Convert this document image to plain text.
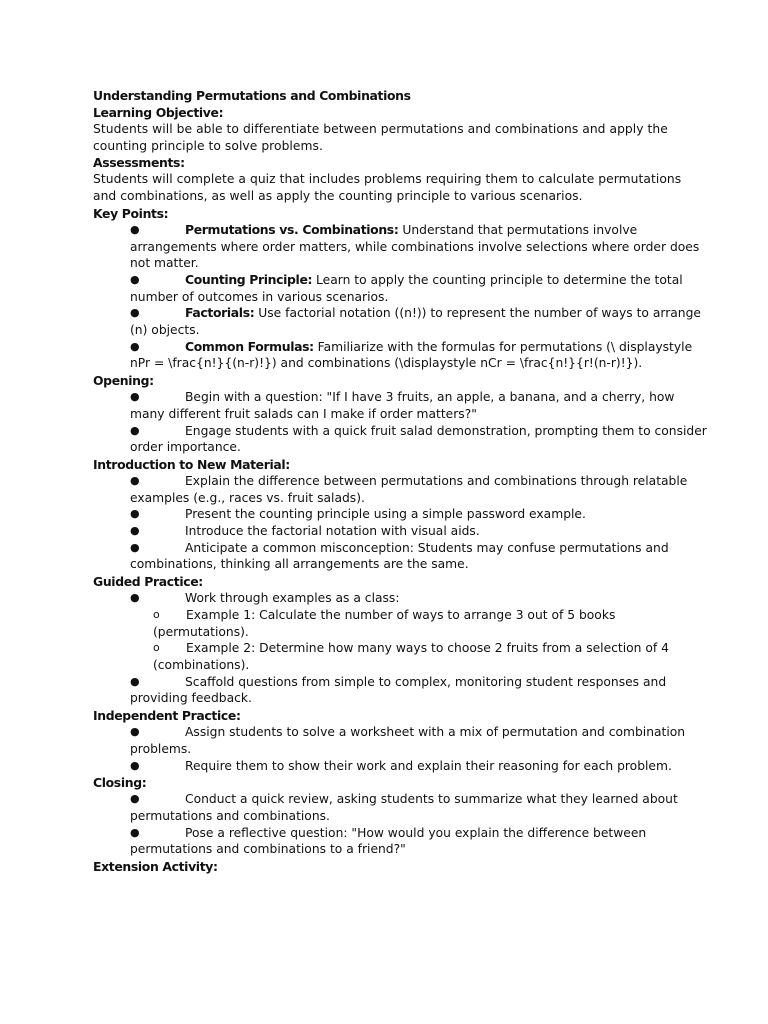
Understanding Permutations and Combinations
Learning Objective:
Students will be able to differentiate between permutations and combinations and apply the counting principle to solve problems.
Assessments:
Students will complete a quiz that includes problems requiring them to calculate permutations and combinations, as well as apply the counting principle to various scenarios.
Key Points:
●	Permutations vs. Combinations: Understand that permutations involve arrangements where order matters, while combinations involve selections where order does not matter.
●	Counting Principle: Learn to apply the counting principle to determine the total number of outcomes in various scenarios.
●	Factorials: Use factorial notation ((n!)) to represent the number of ways to arrange (n) objects.
●	Common Formulas: Familiarize with the formulas for permutations (\ displaystyle nPr = \frac{n!}{(n-r)!}) and combinations (\displaystyle nCr = \frac{n!}{r!(n-r)!}).
Opening:
●	Begin with a question: "If I have 3 fruits, an apple, a banana, and a cherry, how many different fruit salads can I make if order matters?"
●	Engage students with a quick fruit salad demonstration, prompting them to consider order importance.
Introduction to New Material:
●	Explain the difference between permutations and combinations through relatable examples (e.g., races vs. fruit salads).
●	Present the counting principle using a simple password example.
●	Introduce the factorial notation with visual aids.
●	Anticipate a common misconception: Students may confuse permutations and combinations, thinking all arrangements are the same.
Guided Practice:
●	Work through examples as a class:
o Example 1: Calculate the number of ways to arrange 3 out of 5 books (permutations).
o Example 2: Determine how many ways to choose 2 fruits from a selection of 4 (combinations).
●	Scaffold questions from simple to complex, monitoring student responses and providing feedback.
Independent Practice:
●	Assign students to solve a worksheet with a mix of permutation and combination problems.
●	Require them to show their work and explain their reasoning for each problem.
Closing:
●	Conduct a quick review, asking students to summarize what they learned about permutations and combinations.
●	Pose a reflective question: "How would you explain the difference between permutations and combinations to a friend?"
Extension Activity:
